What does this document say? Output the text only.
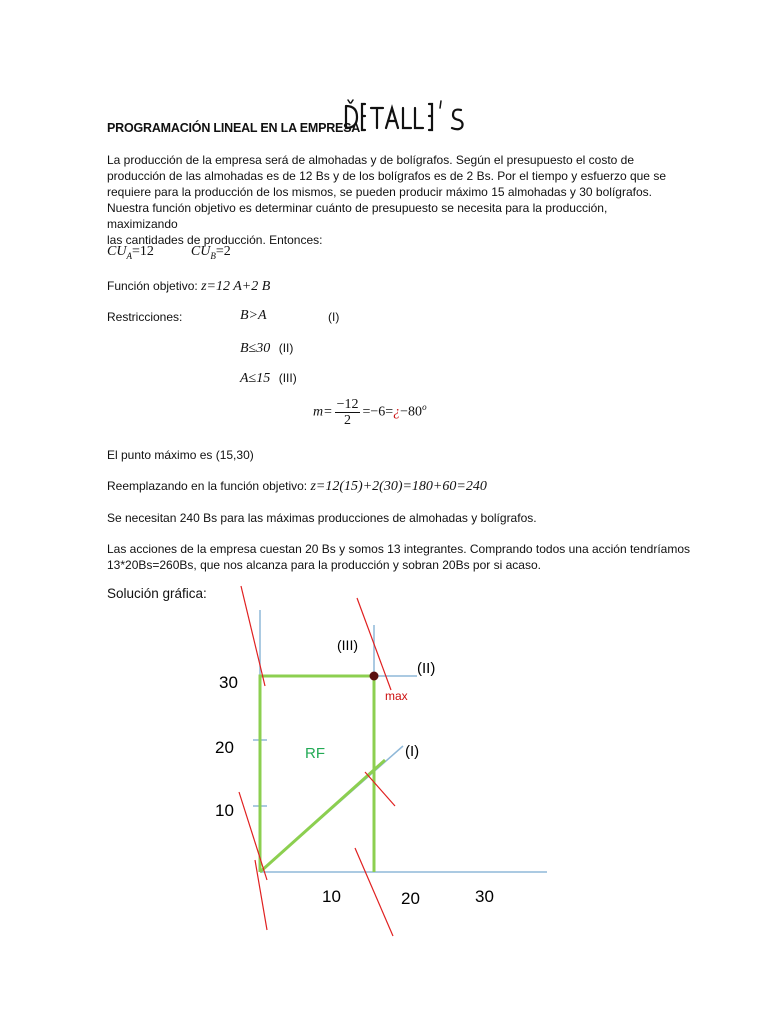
PROGRAMACIÓN LINEAL EN LA EMPRESA

La producción de la empresa será de almohadas y de bolígrafos. Según el presupuesto el costo de

producción de las almohadas es de 12 Bs y de los bolígrafos es de 2 Bs. Por el tiempo y esfuerzo que se

requiere para la producción de los mismos, se pueden producir máximo 15 almohadas y 30 bolígrafos.

Nuestra función objetivo es determinar cuánto de presupuesto se necesita para la producción, maximizando

las cantidades de producción. Entonces:

$CU_A=12$	$CU_B=2$
Función objetivo: z=12 A+2 B
Restricciones:	B>A	(I)
B≤30 (II)
A≤15 (III)
$m= \frac{-12}{2}$ $=-6=¿-80^o$
El punto máximo es (15,30)
Reemplazando en la función objetivo: z=12(15)+2(30)=180+60=240
Se necesitan 240 Bs para las máximas producciones de almohadas y bolígrafos.
Las acciones de la empresa cuestan 20 Bs y somos 13 integrantes. Comprando todos una acción tendríamos
13*20Bs=260Bs, que nos alcanza para la producción y sobran 20Bs por si acaso.
Solución gráfica:
(III)
(II)
max
RF	(I)
30
20
10
10	20	30
